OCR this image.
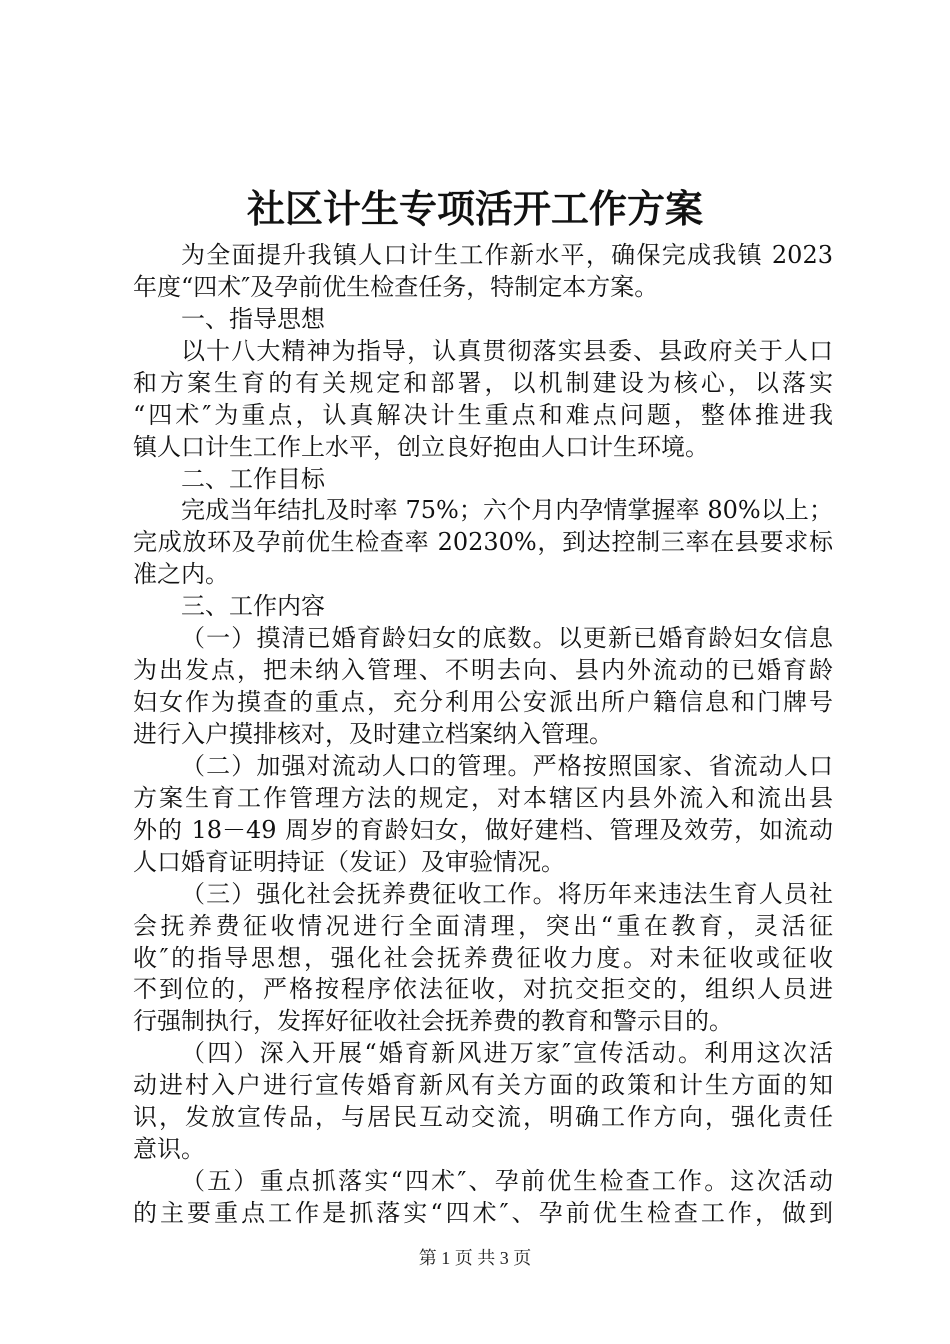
社区计生专项活开工作方案
为全面提升我镇人口计生工作新水平，确保完成我镇 2023
年度“四术″及孕前优生检查任务，特制定本方案。
一、指导思想
以十八大精神为指导，认真贯彻落实县委、县政府关于人口
和方案生育的有关规定和部署，以机制建设为核心，以落实
“四术″为重点，认真解决计生重点和难点问题，整体推进我
镇人口计生工作上水平，创立良好抱由人口计生环境。
二、工作目标
完成当年结扎及时率 75%；六个月内孕情掌握率 80%以上；
完成放环及孕前优生检查率 20230%，到达控制三率在县要求标
准之内。
三、工作内容
（一）摸清已婚育龄妇女的底数。以更新已婚育龄妇女信息
为出发点，把未纳入管理、不明去向、县内外流动的已婚育龄
妇女作为摸查的重点，充分利用公安派出所户籍信息和门牌号
进行入户摸排核对，及时建立档案纳入管理。
（二）加强对流动人口的管理。严格按照国家、省流动人口
方案生育工作管理方法的规定，对本辖区内县外流入和流出县
外的 18－49 周岁的育龄妇女，做好建档、管理及效劳，如流动
人口婚育证明持证（发证）及审验情况。
（三）强化社会抚养费征收工作。将历年来违法生育人员社
会抚养费征收情况进行全面清理，突出“重在教育，灵活征
收″的指导思想，强化社会抚养费征收力度。对未征收或征收
不到位的，严格按程序依法征收，对抗交拒交的，组织人员进
行强制执行，发挥好征收社会抚养费的教育和警示目的。
（四）深入开展“婚育新风进万家″宣传活动。利用这次活
动进村入户进行宣传婚育新风有关方面的政策和计生方面的知
识，发放宣传品，与居民互动交流，明确工作方向，强化责任
意识。
（五）重点抓落实“四术″、孕前优生检查工作。这次活动
的主要重点工作是抓落实“四术″、孕前优生检查工作，做到
第 1 页 共 3 页
